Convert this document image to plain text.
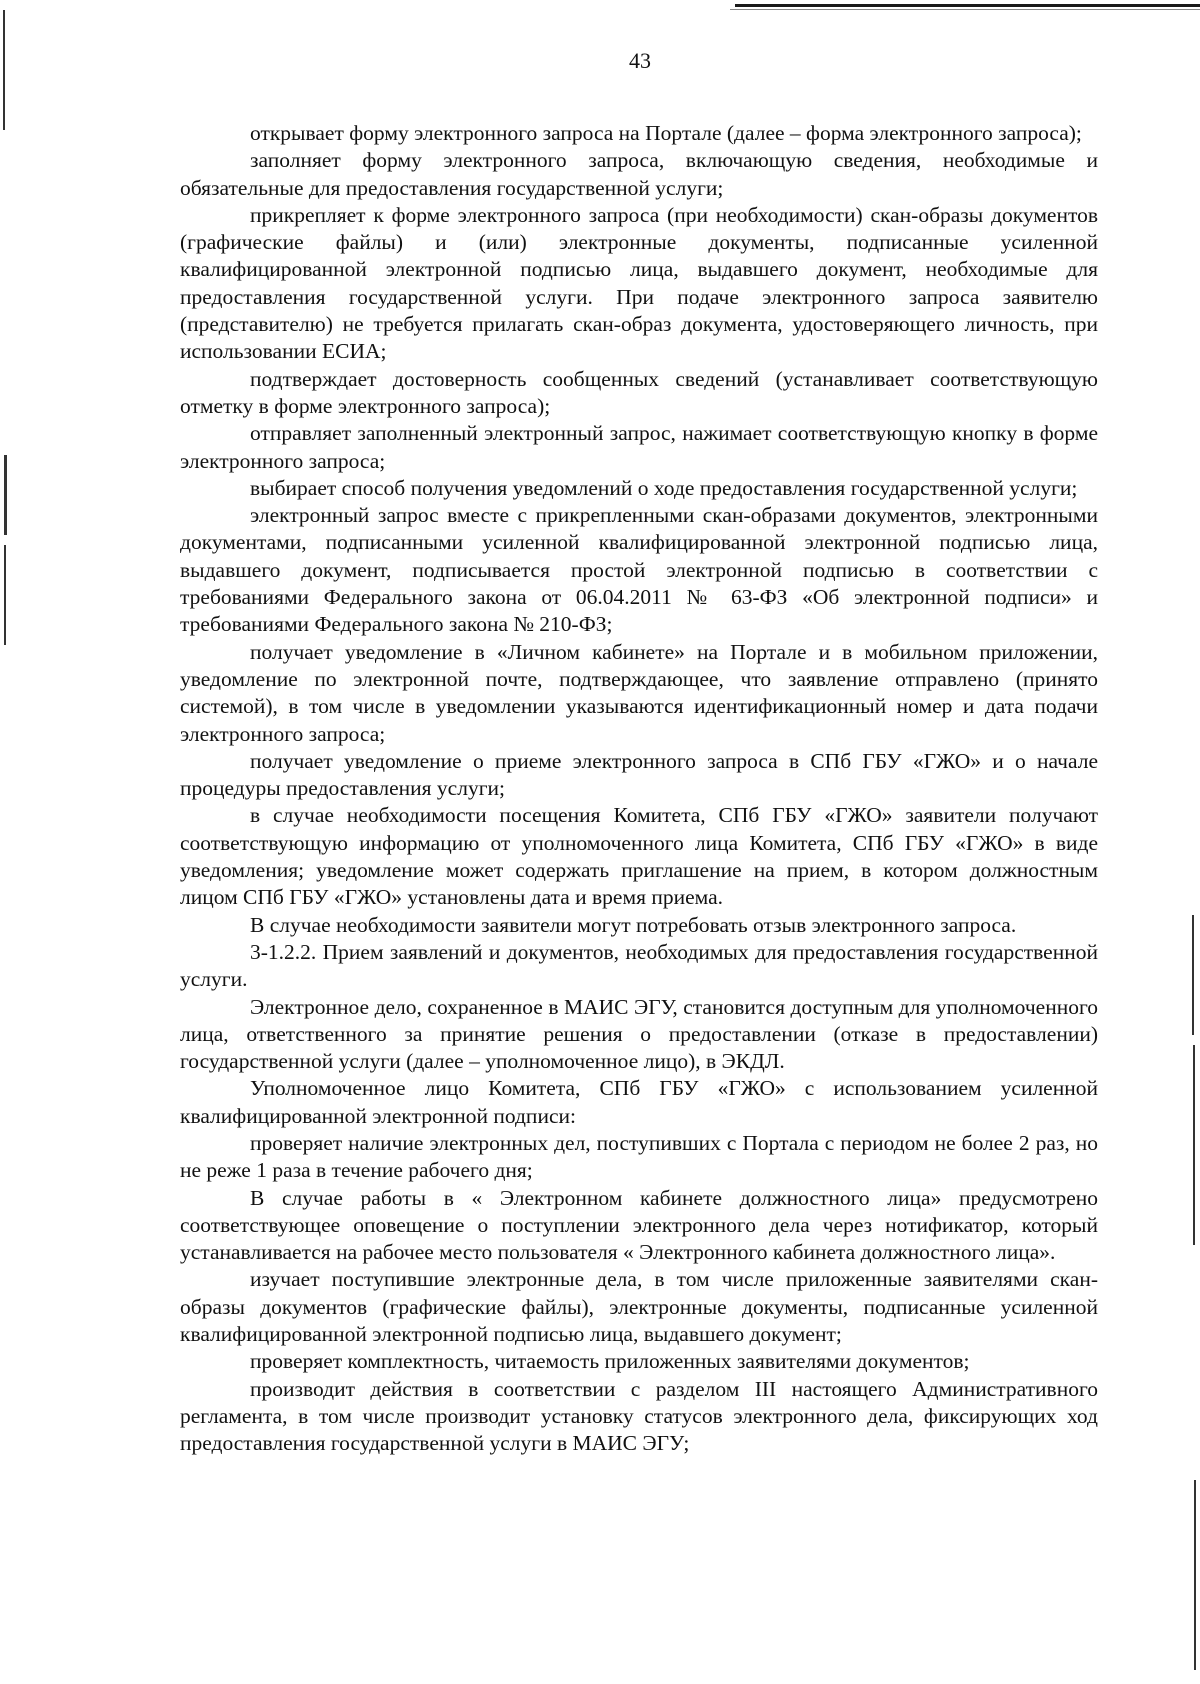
43

открывает форму электронного запроса на Портале (далее – форма электронного запроса);

заполняет форму электронного запроса, включающую сведения, необходимые и обязательные для предоставления государственной услуги;

прикрепляет к форме электронного запроса (при необходимости) скан-образы документов (графические файлы) и (или) электронные документы, подписанные усиленной квалифицированной электронной подписью лица, выдавшего документ, необходимые для предоставления государственной услуги. При подаче электронного запроса заявителю (представителю) не требуется прилагать скан-образ документа, удостоверяющего личность, при использовании ЕСИА;

подтверждает достоверность сообщенных сведений (устанавливает соответствующую отметку в форме электронного запроса);

отправляет заполненный электронный запрос, нажимает соответствующую кнопку в форме электронного запроса;

выбирает способ получения уведомлений о ходе предоставления государственной услуги;

электронный запрос вместе с прикрепленными скан-образами документов, электронными документами, подписанными усиленной квалифицированной электронной подписью лица, выдавшего документ, подписывается простой электронной подписью в соответствии с требованиями Федерального закона от 06.04.2011 № 63-ФЗ «Об электронной подписи» и требованиями Федерального закона № 210-ФЗ;

получает уведомление в «Личном кабинете» на Портале и в мобильном приложении, уведомление по электронной почте, подтверждающее, что заявление отправлено (принято системой), в том числе в уведомлении указываются идентификационный номер и дата подачи электронного запроса;

получает уведомление о приеме электронного запроса в СПб ГБУ «ГЖО» и о начале процедуры предоставления услуги;

в случае необходимости посещения Комитета, СПб ГБУ «ГЖО» заявители получают соответствующую информацию от уполномоченного лица Комитета, СПб ГБУ «ГЖО» в виде уведомления; уведомление может содержать приглашение на прием, в котором должностным лицом СПб ГБУ «ГЖО» установлены дата и время приема.

В случае необходимости заявители могут потребовать отзыв электронного запроса.

3-1.2.2. Прием заявлений и документов, необходимых для предоставления государственной услуги.

Электронное дело, сохраненное в МАИС ЭГУ, становится доступным для уполномоченного лица, ответственного за принятие решения о предоставлении (отказе в предоставлении) государственной услуги (далее – уполномоченное лицо), в ЭКДЛ.

Уполномоченное лицо Комитета, СПб ГБУ «ГЖО» с использованием усиленной квалифицированной электронной подписи:

проверяет наличие электронных дел, поступивших с Портала с периодом не более 2 раз, но не реже 1 раза в течение рабочего дня;

В случае работы в « Электронном кабинете должностного лица» предусмотрено соответствующее оповещение о поступлении электронного дела через нотификатор, который устанавливается на рабочее место пользователя « Электронного кабинета должностного лица».

изучает поступившие электронные дела, в том числе приложенные заявителями скан-образы документов (графические файлы), электронные документы, подписанные усиленной квалифицированной электронной подписью лица, выдавшего документ;

проверяет комплектность, читаемость приложенных заявителями документов;

производит действия в соответствии с разделом III настоящего Административного регламента, в том числе производит установку статусов электронного дела, фиксирующих ход предоставления государственной услуги в МАИС ЭГУ;
